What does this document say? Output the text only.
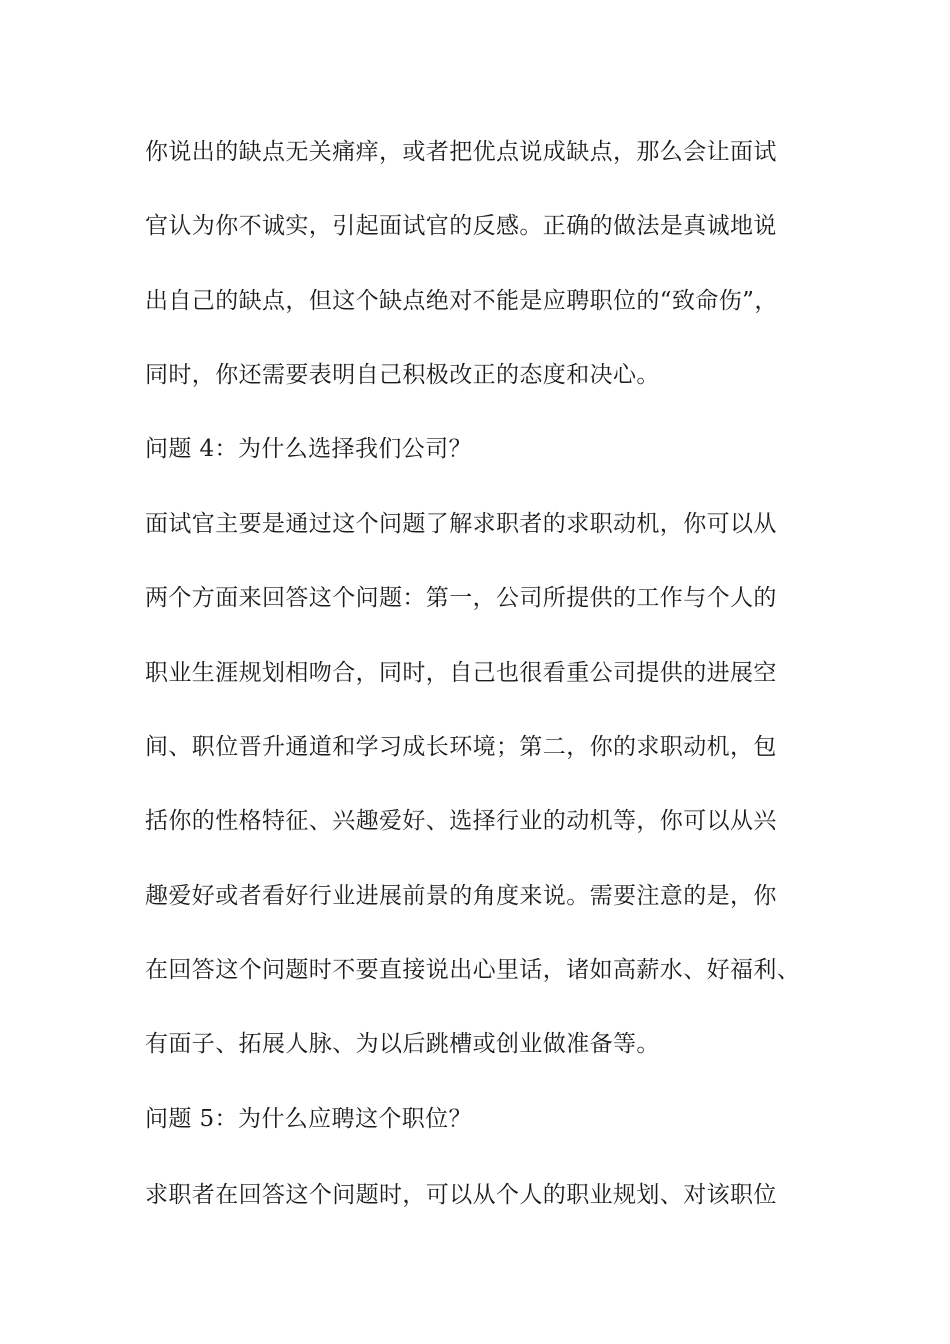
你说出的缺点无关痛痒，或者把优点说成缺点，那么会让面试
官认为你不诚实，引起面试官的反感。正确的做法是真诚地说
出自己的缺点，但这个缺点绝对不能是应聘职位的“致命伤”，
同时，你还需要表明自己积极改正的态度和决心。
问题 4：为什么选择我们公司？
面试官主要是通过这个问题了解求职者的求职动机，你可以从
两个方面来回答这个问题：第一，公司所提供的工作与个人的
职业生涯规划相吻合，同时，自己也很看重公司提供的进展空
间、职位晋升通道和学习成长环境；第二，你的求职动机，包
括你的性格特征、兴趣爱好、选择行业的动机等，你可以从兴
趣爱好或者看好行业进展前景的角度来说。需要注意的是，你
在回答这个问题时不要直接说出心里话，诸如高薪水、好福利、
有面子、拓展人脉、为以后跳槽或创业做准备等。
问题 5：为什么应聘这个职位？
求职者在回答这个问题时，可以从个人的职业规划、对该职位
